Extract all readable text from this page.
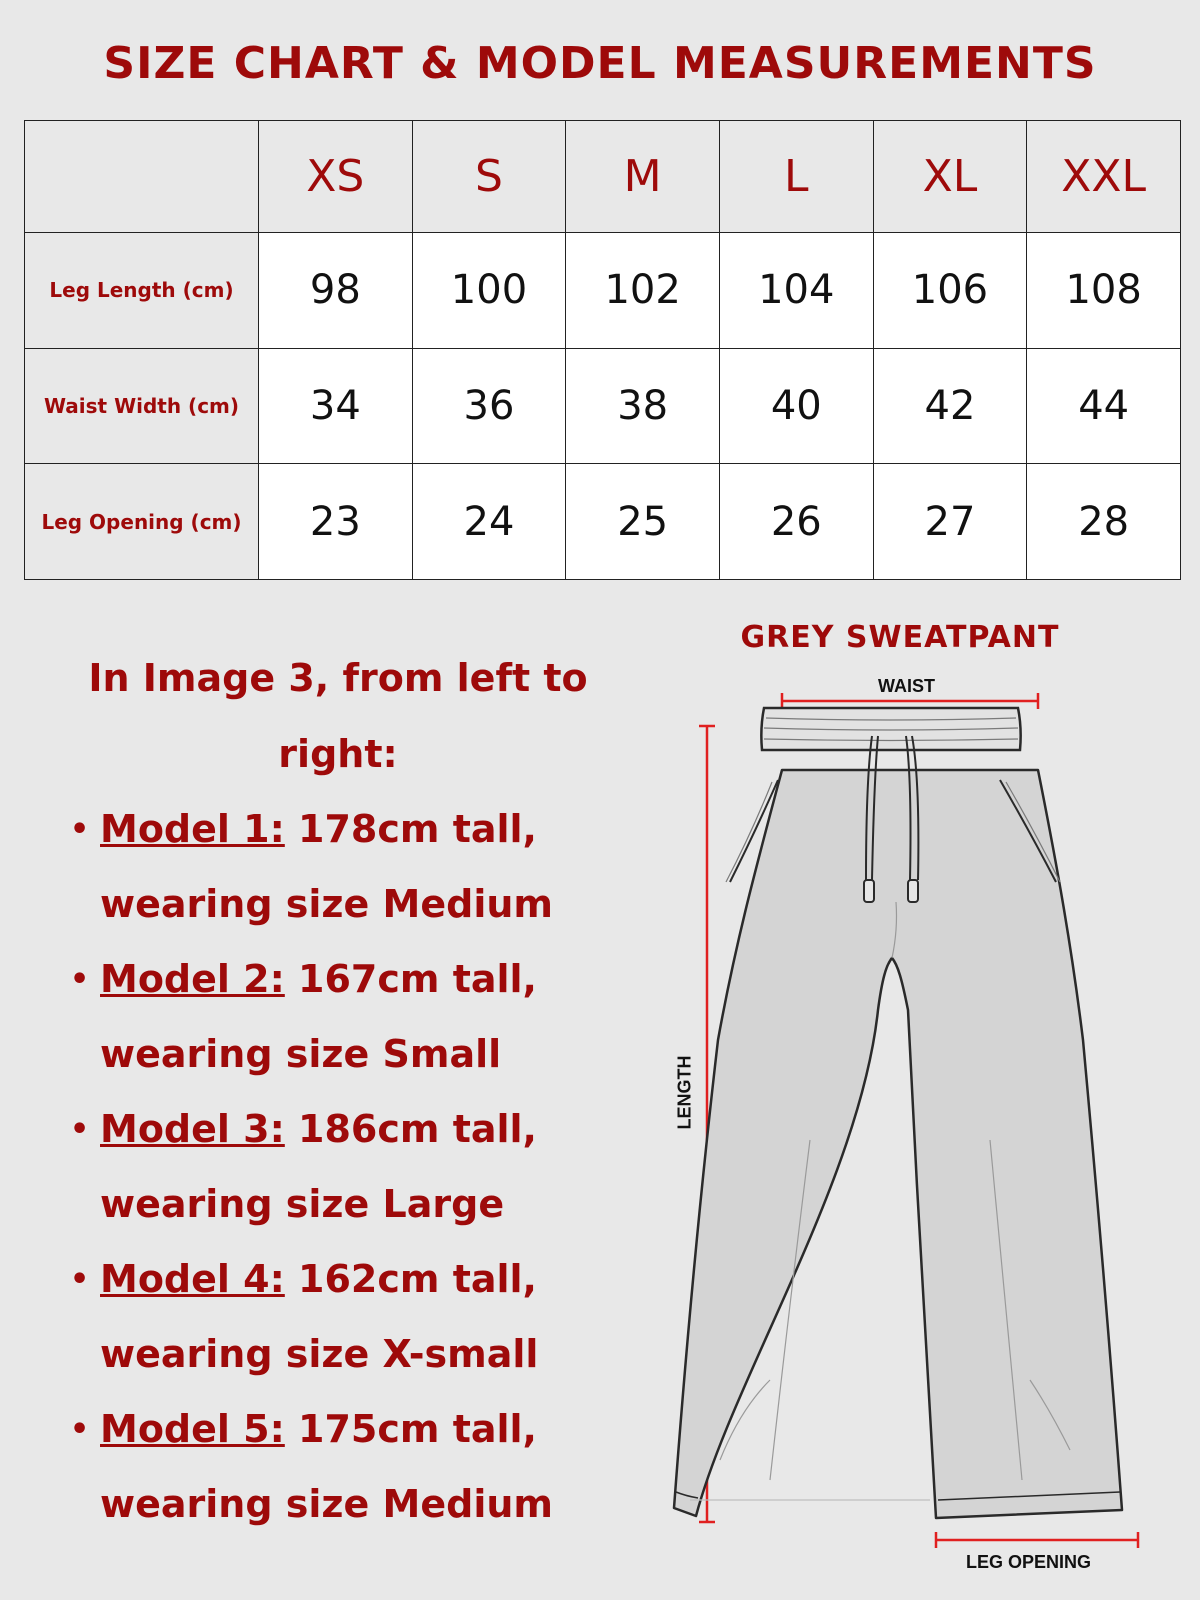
SIZE CHART & MODEL MEASUREMENTS
	XS	S	M	L	XL	XXL
Leg Length (cm)	98	100	102	104	106	108
Waist Width (cm)	34	36	38	40	42	44
Leg Opening (cm)	23	24	25	26	27	28
In Image 3, from left to right:
• Model 1: 178cm tall, wearing size Medium
• Model 2: 167cm tall, wearing size Small
• Model 3: 186cm tall, wearing size Large
• Model 4: 162cm tall, wearing size X-small
• Model 5: 175cm tall, wearing size Medium
GREY SWEATPANT
WAIST
LENGTH
LEG OPENING
